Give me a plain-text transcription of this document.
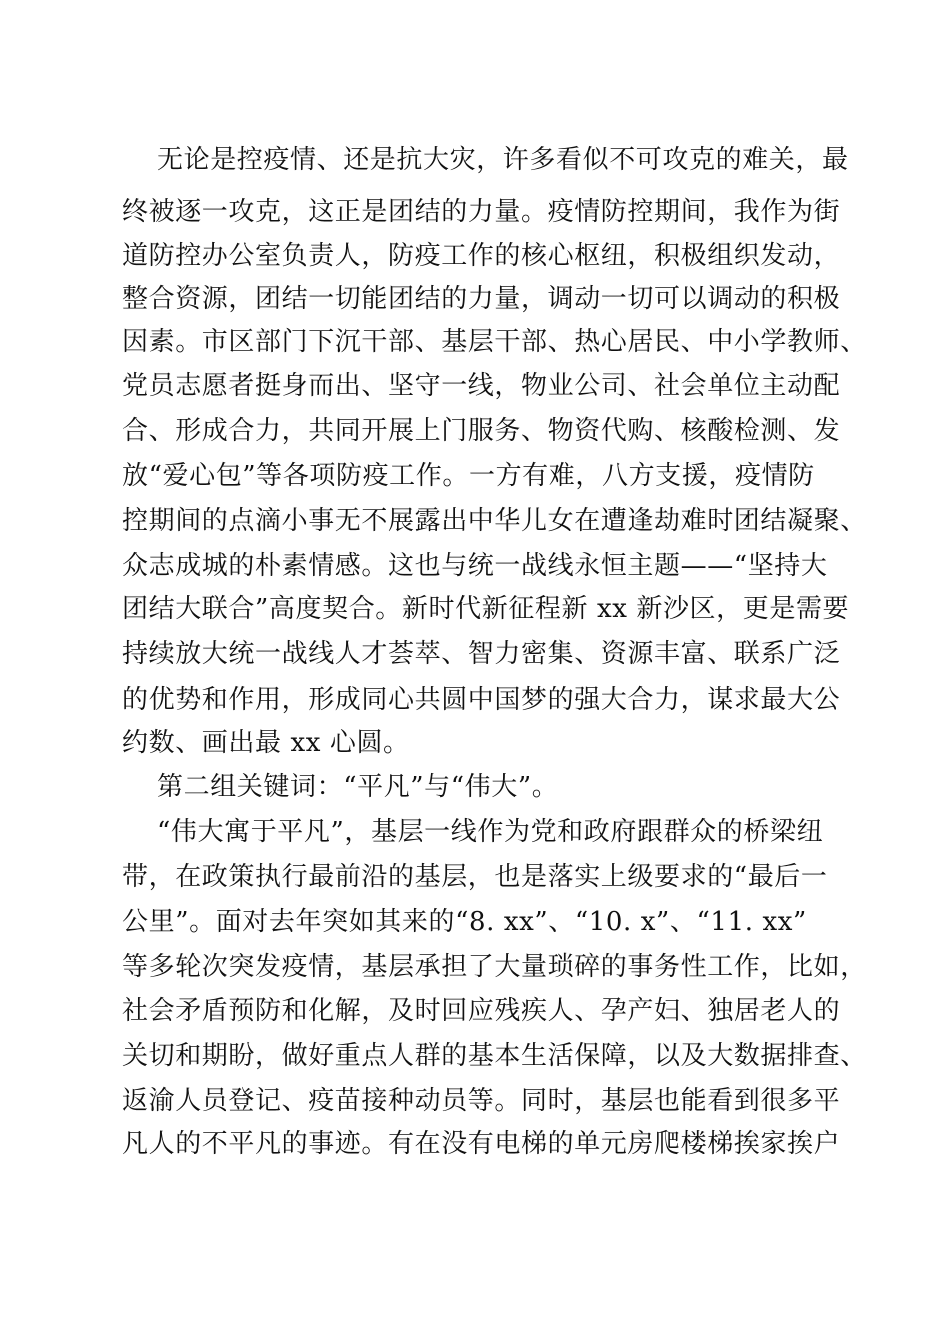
无论是控疫情、还是抗大灾，许多看似不可攻克的难关，最
终被逐一攻克，这正是团结的力量。疫情防控期间，我作为街
道防控办公室负责人，防疫工作的核心枢纽，积极组织发动，
整合资源，团结一切能团结的力量，调动一切可以调动的积极
因素。市区部门下沉干部、基层干部、热心居民、中小学教师、
党员志愿者挺身而出、坚守一线，物业公司、社会单位主动配
合、形成合力，共同开展上门服务、物资代购、核酸检测、发
放“爱心包”等各项防疫工作。一方有难，八方支援，疫情防
控期间的点滴小事无不展露出中华儿女在遭逢劫难时团结凝聚、
众志成城的朴素情感。这也与统一战线永恒主题——“坚持大
团结大联合”高度契合。新时代新征程新 xx 新沙区，更是需要
持续放大统一战线人才荟萃、智力密集、资源丰富、联系广泛
的优势和作用，形成同心共圆中国梦的强大合力，谋求最大公
约数、画出最 xx 心圆。
第二组关键词：“平凡”与“伟大”。
“伟大寓于平凡”，基层一线作为党和政府跟群众的桥梁纽
带，在政策执行最前沿的基层，也是落实上级要求的“最后一
公里”。面对去年突如其来的“8. xx”、“10. x”、“11. xx”
等多轮次突发疫情，基层承担了大量琐碎的事务性工作，比如，
社会矛盾预防和化解，及时回应残疾人、孕产妇、独居老人的
关切和期盼，做好重点人群的基本生活保障，以及大数据排查、
返渝人员登记、疫苗接种动员等。同时，基层也能看到很多平
凡人的不平凡的事迹。有在没有电梯的单元房爬楼梯挨家挨户
